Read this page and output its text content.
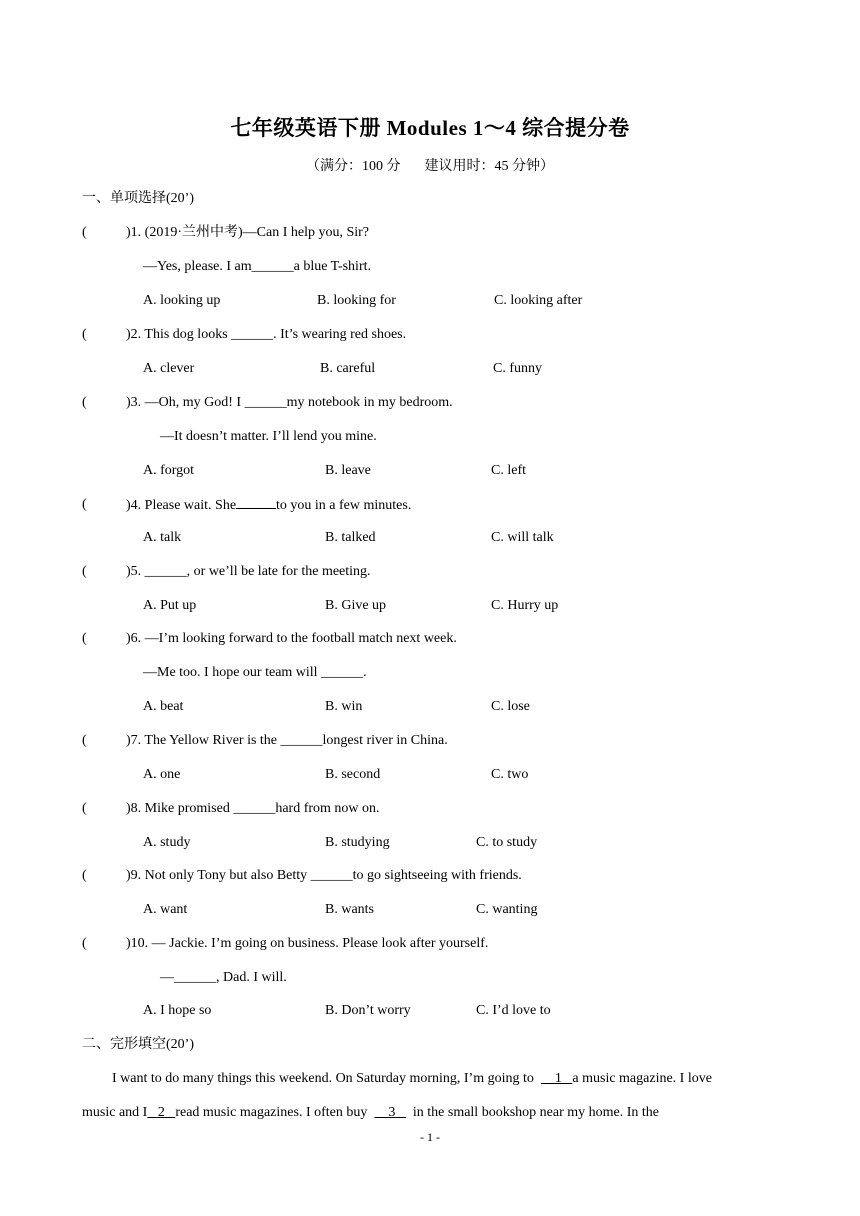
七年级英语下册 Modules 1～4 综合提分卷
（满分：100 分 建议用时：45 分钟）
一、单项选择(20’)
(	)1. (2019·兰州中考)—Can I help you, Sir?
—Yes, please. I am______a blue T-shirt.
A. looking up	B. looking for	C. looking after
(	)2. This dog looks ______. It’s wearing red shoes.
A. clever	B. careful	C. funny
(	)3. —Oh, my God! I ______my notebook in my bedroom.
—It doesn’t matter. I’ll lend you mine.
A. forgot	B. leave	C. left
(	)4. Please wait. She	to you in a few minutes.
A. talk	B. talked	C. will talk
(	)5. ______, or we’ll be late for the meeting.
A. Put up	B. Give up	C. Hurry up
(	)6. —I’m looking forward to the football match next week.
—Me too. I hope our team will ______.
A. beat	B. win	C. lose
(	)7. The Yellow River is the ______longest river in China.
A. one	B. second	C. two
(	)8. Mike promised ______hard from now on.
A. study	B. studying	C. to study
(	)9. Not only Tony but also Betty ______to go sightseeing with friends.
A. want	B. wants	C. wanting
(	)10. — Jackie. I’m going on business. Please look after yourself.
—______, Dad. I will.
A. I hope so	B. Don’t worry	C. I’d love to
二、完形填空(20’)
I want to do many things this weekend. On Saturday morning, I’m going to 1 a music magazine. I love
music and I 2 read music magazines. I often buy 3 in the small bookshop near my home. In the
- 1 -
